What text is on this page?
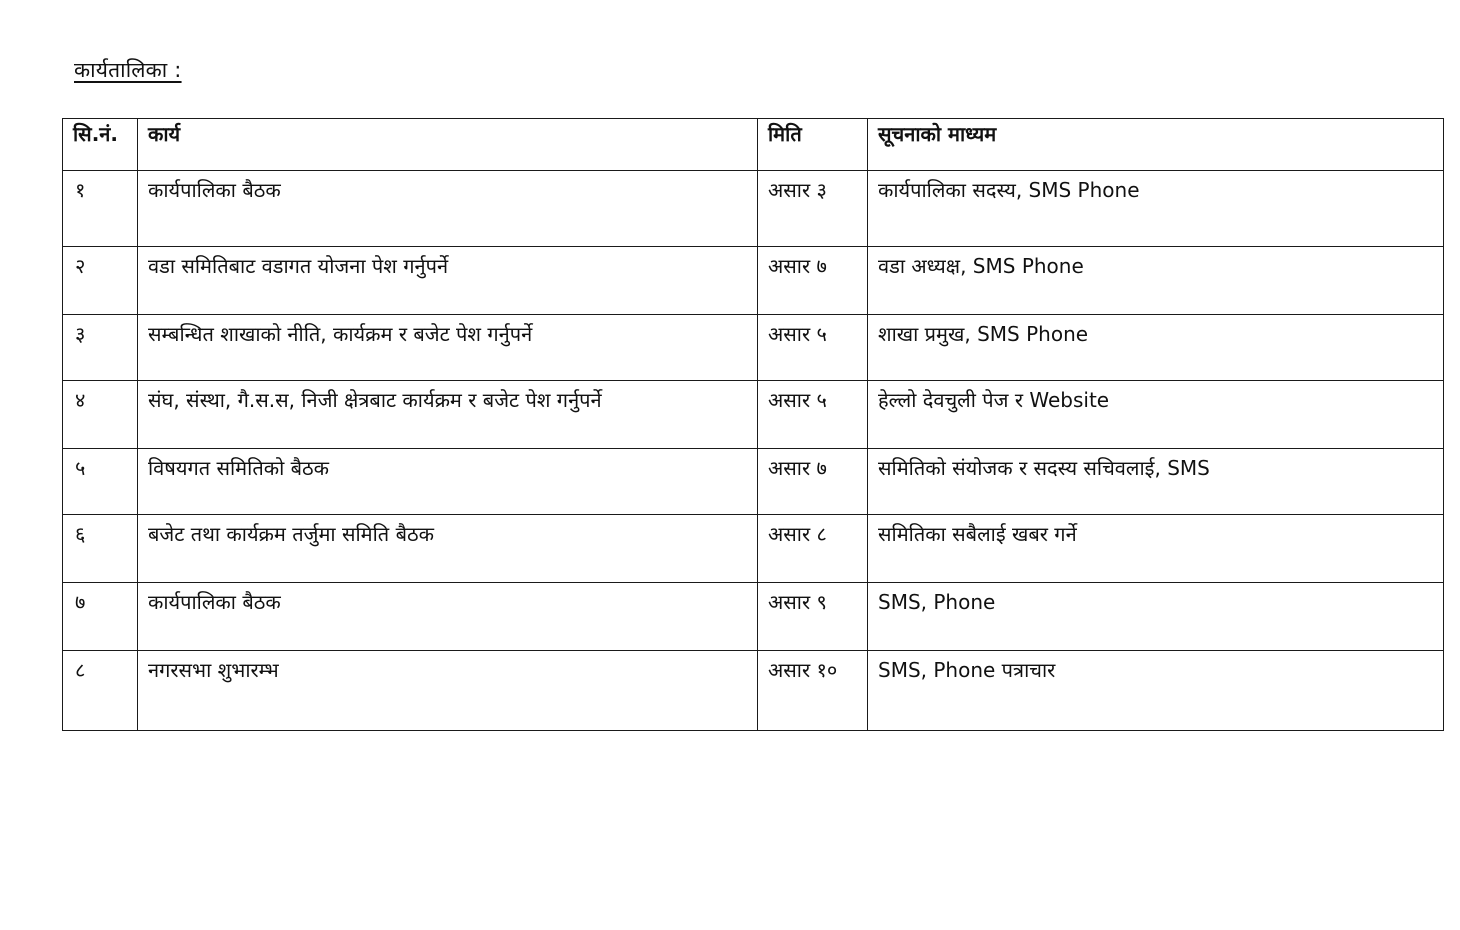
कार्यतालिका :
सि.नं.	कार्य	मिति	सूचनाको माध्यम
१	कार्यपालिका बैठक	असार ३	कार्यपालिका सदस्य, SMS Phone
२	वडा समितिबाट वडागत योजना पेश गर्नुपर्ने	असार ७	वडा अध्यक्ष, SMS Phone
३	सम्बन्धित शाखाको नीति, कार्यक्रम र बजेट पेश गर्नुपर्ने	असार ५	शाखा प्रमुख, SMS Phone
४	संघ, संस्था, गै.स.स, निजी क्षेत्रबाट कार्यक्रम र बजेट पेश गर्नुपर्ने	असार ५	हेल्लो देवचुली पेज र Website
५	विषयगत समितिको बैठक	असार ७	समितिको संयोजक र सदस्य सचिवलाई, SMS
६	बजेट तथा कार्यक्रम तर्जुमा समिति बैठक	असार ८	समितिका सबैलाई खबर गर्ने
७	कार्यपालिका बैठक	असार ९	SMS, Phone
८	नगरसभा शुभारम्भ	असार १०	SMS, Phone पत्राचार
